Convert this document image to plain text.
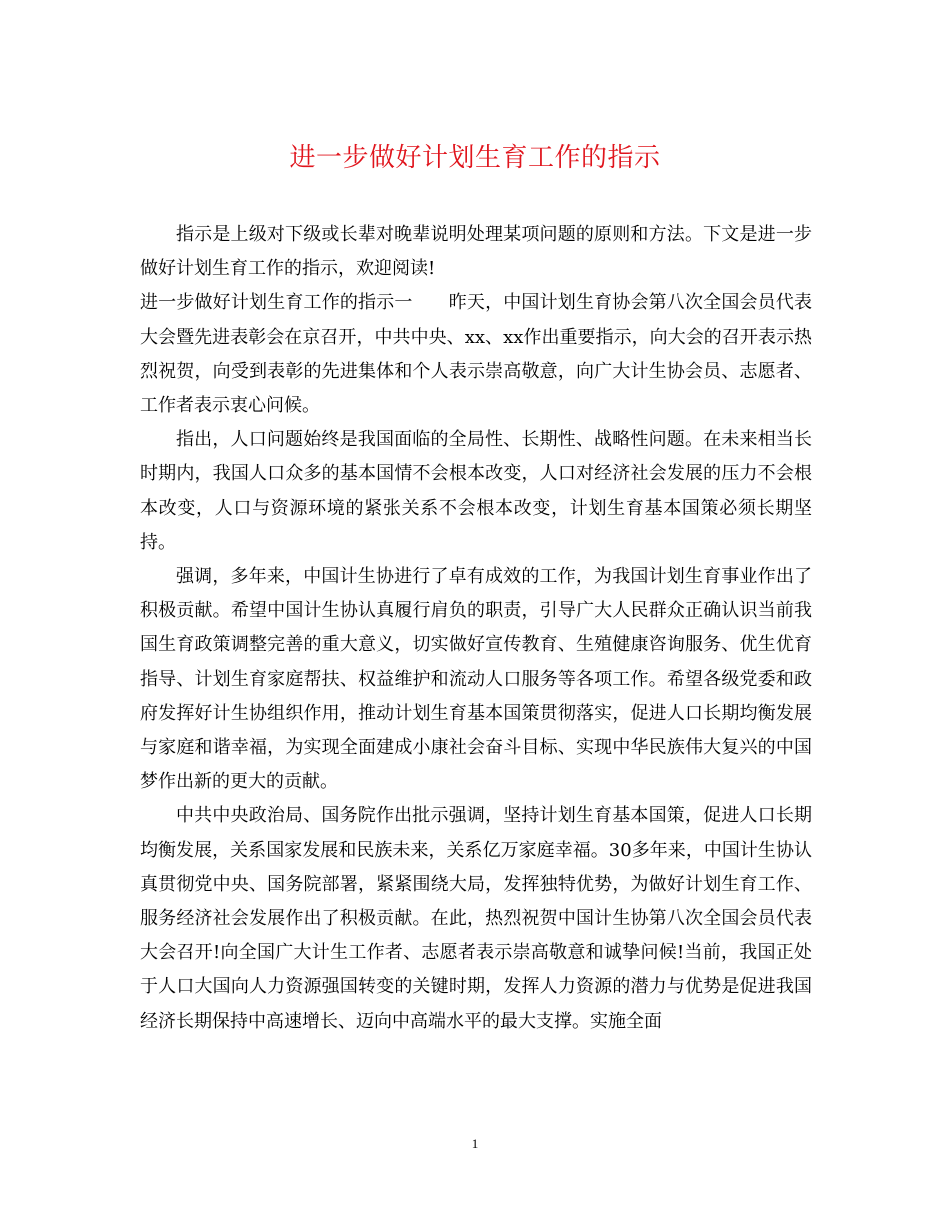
进一步做好计划生育工作的指示

指示是上级对下级或长辈对晚辈说明处理某项问题的原则和方法。下文是进一步做好计划生育工作的指示，欢迎阅读!

进一步做好计划生育工作的指示一 昨天，中国计划生育协会第八次全国会员代表大会暨先进表彰会在京召开，中共中央、xx、xx作出重要指示，向大会的召开表示热烈祝贺，向受到表彰的先进集体和个人表示崇高敬意，向广大计生协会员、志愿者、工作者表示衷心问候。

指出，人口问题始终是我国面临的全局性、长期性、战略性问题。在未来相当长时期内，我国人口众多的基本国情不会根本改变，人口对经济社会发展的压力不会根本改变，人口与资源环境的紧张关系不会根本改变，计划生育基本国策必须长期坚持。

强调，多年来，中国计生协进行了卓有成效的工作，为我国计划生育事业作出了积极贡献。希望中国计生协认真履行肩负的职责，引导广大人民群众正确认识当前我国生育政策调整完善的重大意义，切实做好宣传教育、生殖健康咨询服务、优生优育指导、计划生育家庭帮扶、权益维护和流动人口服务等各项工作。希望各级党委和政府发挥好计生协组织作用，推动计划生育基本国策贯彻落实，促进人口长期均衡发展与家庭和谐幸福，为实现全面建成小康社会奋斗目标、实现中华民族伟大复兴的中国梦作出新的更大的贡献。

中共中央政治局、国务院作出批示强调，坚持计划生育基本国策，促进人口长期均衡发展，关系国家发展和民族未来，关系亿万家庭幸福。30多年来，中国计生协认真贯彻党中央、国务院部署，紧紧围绕大局，发挥独特优势，为做好计划生育工作、服务经济社会发展作出了积极贡献。在此，热烈祝贺中国计生协第八次全国会员代表大会召开!向全国广大计生工作者、志愿者表示崇高敬意和诚挚问候!当前，我国正处于人口大国向人力资源强国转变的关键时期，发挥人力资源的潜力与优势是促进我国经济长期保持中高速增长、迈向中高端水平的最大支撑。实施全面

1
